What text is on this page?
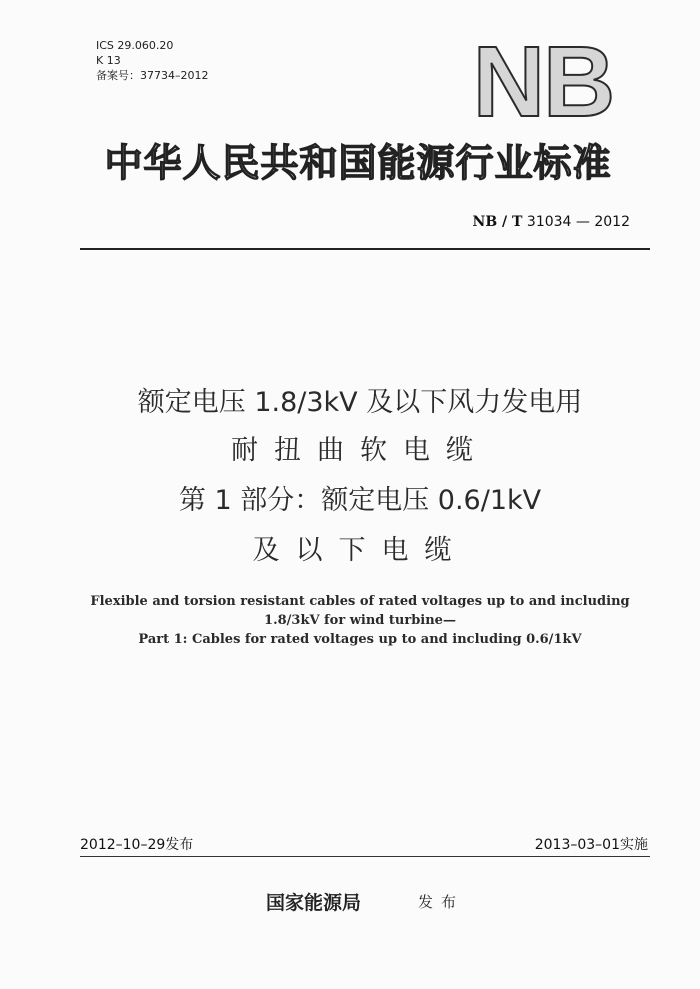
ICS 29.060.20
K 13
备案号：37734–2012	NB
中华人民共和国能源行业标准
NB / T 31034 — 2012
额定电压 1.8/3kV 及以下风力发电用
耐扭曲软电缆
第 1 部分：额定电压 0.6/1kV
及以下电缆
Flexible and torsion resistant cables of rated voltages up to and including
1.8/3kV for wind turbine—
Part 1: Cables for rated voltages up to and including 0.6/1kV
2012–10–29发布	2013–03–01实施
国家能源局	发布
